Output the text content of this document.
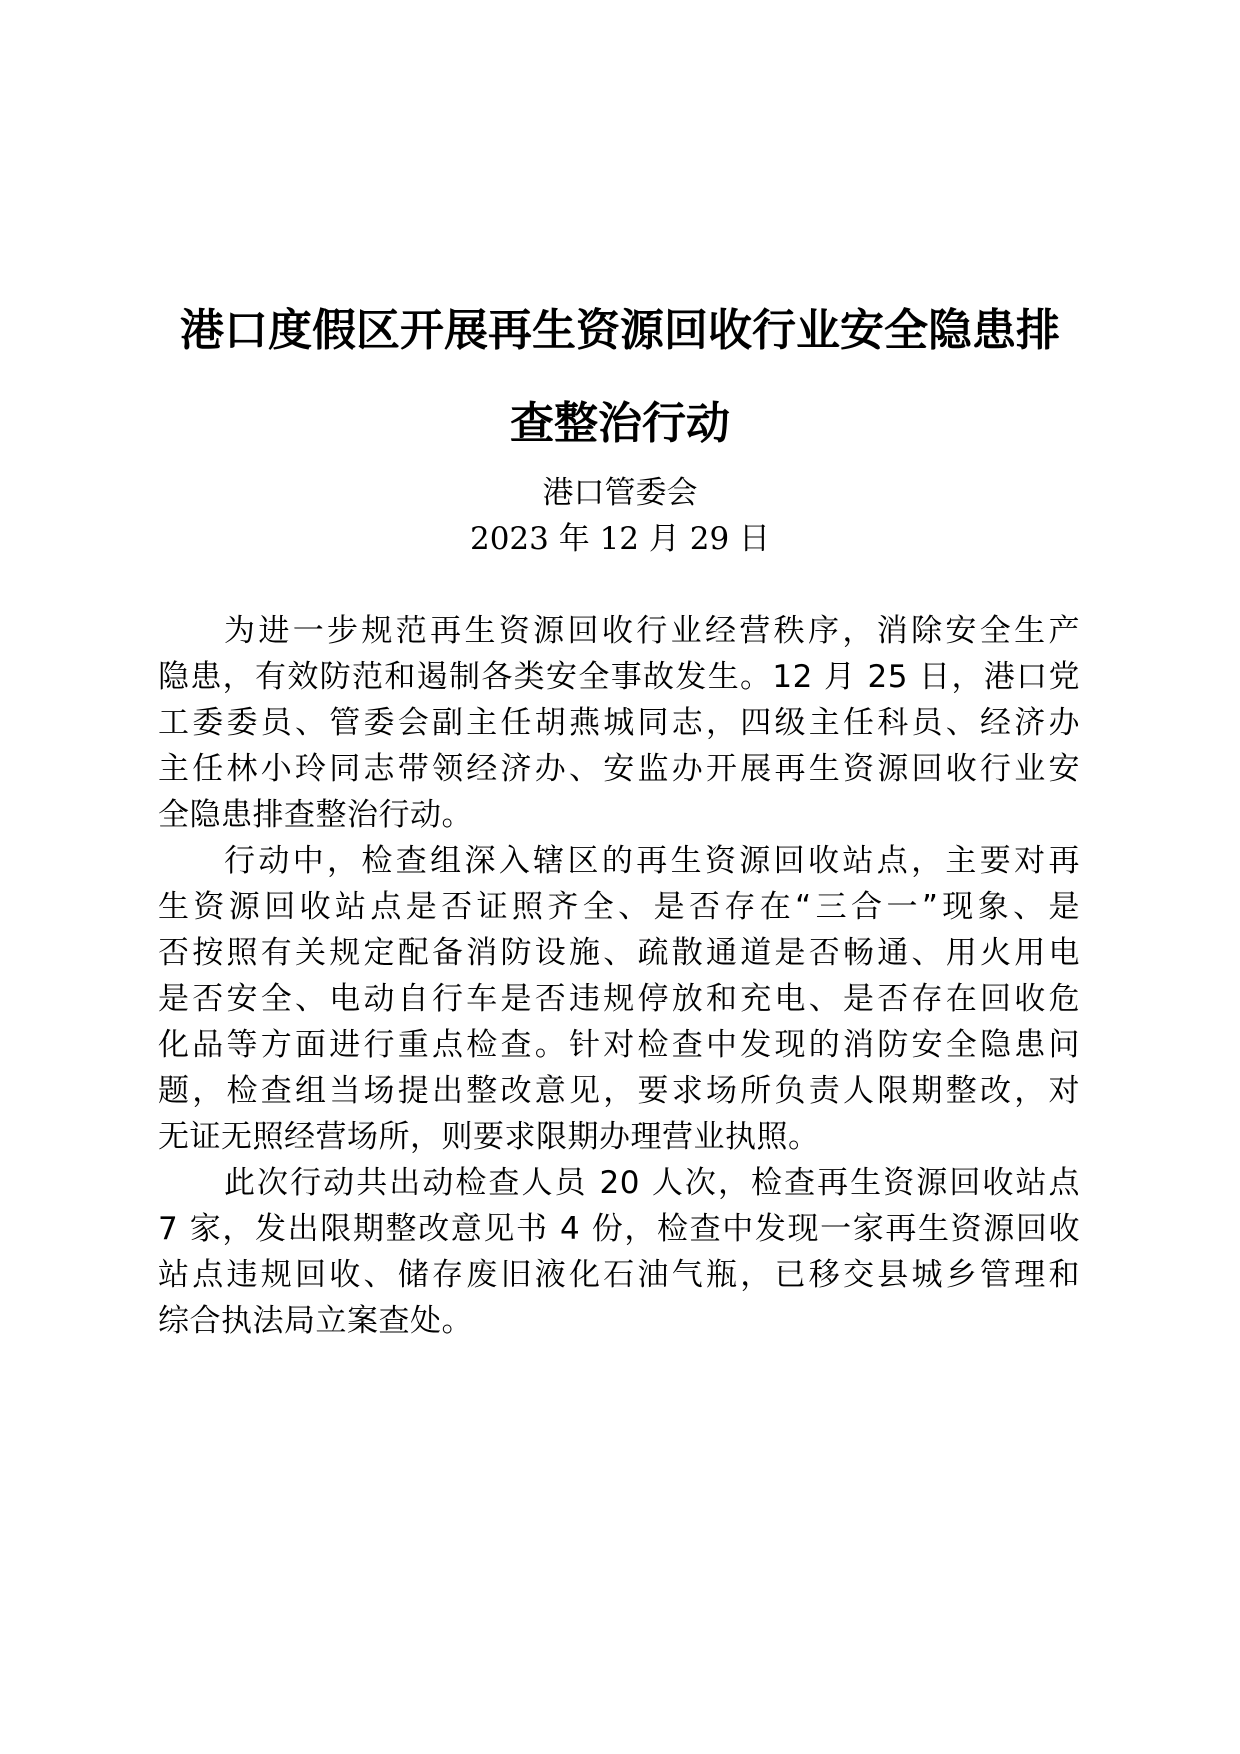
港口度假区开展再生资源回收行业安全隐患排
查整治行动
港口管委会
2023 年 12 月 29 日
为进一步规范再生资源回收行业经营秩序，消除安全生产
隐患，有效防范和遏制各类安全事故发生。12 月 25 日，港口党
工委委员、管委会副主任胡燕城同志，四级主任科员、经济办
主任林小玲同志带领经济办、安监办开展再生资源回收行业安
全隐患排查整治行动。
行动中，检查组深入辖区的再生资源回收站点，主要对再
生资源回收站点是否证照齐全、是否存在“三合一”现象、是
否按照有关规定配备消防设施、疏散通道是否畅通、用火用电
是否安全、电动自行车是否违规停放和充电、是否存在回收危
化品等方面进行重点检查。针对检查中发现的消防安全隐患问
题，检查组当场提出整改意见，要求场所负责人限期整改，对
无证无照经营场所，则要求限期办理营业执照。
此次行动共出动检查人员 20 人次，检查再生资源回收站点
7 家，发出限期整改意见书 4 份，检查中发现一家再生资源回收
站点违规回收、储存废旧液化石油气瓶，已移交县城乡管理和
综合执法局立案查处。
